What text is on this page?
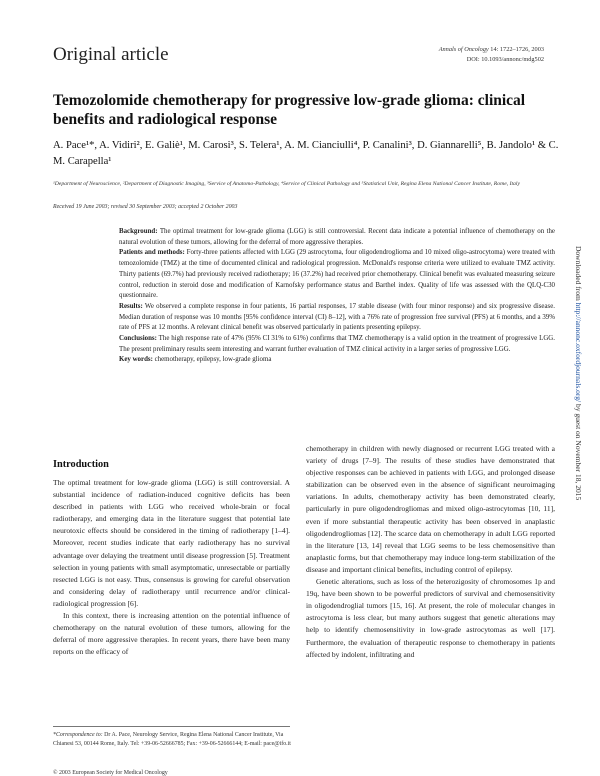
Original article	Annals of Oncology 14: 1722–1726, 2003
DOI: 10.1093/annonc/mdg502
Temozolomide chemotherapy for progressive low-grade glioma: clinical benefits and radiological response
A. Pace¹*, A. Vidiri², E. Galiè¹, M. Carosi³, S. Telera¹, A. M. Cianciulli⁴, P. Canalini³, D. Giannarelli⁵, B. Jandolo¹ & C. M. Carapella¹
¹Department of Neuroscience, ²Department of Diagnostic Imaging, ³Service of Anatomo-Pathology, ⁴Service of Clinical Pathology and ⁵Statistical Unit, Regina Elena National Cancer Institute, Rome, Italy
Received 19 June 2003; revised 30 September 2003; accepted 2 October 2003

Background: The optimal treatment for low-grade glioma (LGG) is still controversial. Recent data indicate a potential influence of chemotherapy on the natural evolution of these tumors, allowing for the deferral of more aggressive therapies.

Patients and methods: Forty-three patients affected with LGG (29 astrocytoma, four oligodendroglioma and 10 mixed oligo-astrocytoma) were treated with temozolomide (TMZ) at the time of documented clinical and radiological progression. McDonald's response criteria were utilized to evaluate TMZ activity. Thirty patients (69.7%) had previously received radiotherapy; 16 (37.2%) had received prior chemotherapy. Clinical benefit was evaluated measuring seizure control, reduction in steroid dose and modification of Karnofsky performance status and Barthel index. Quality of life was assessed with the QLQ-C30 questionnaire.

Results: We observed a complete response in four patients, 16 partial responses, 17 stable disease (with four minor response) and six progressive disease. Median duration of response was 10 months [95% confidence interval (CI) 8–12], with a 76% rate of progression free survival (PFS) at 6 months, and a 39% rate of PFS at 12 months. A relevant clinical benefit was observed particularly in patients presenting epilepsy.

Conclusions: The high response rate of 47% (95% CI 31% to 61%) confirms that TMZ chemotherapy is a valid option in the treatment of progressive LGG. The present preliminary results seem interesting and warrant further evaluation of TMZ clinical activity in a larger series of progressive LGG.

Key words: chemotherapy, epilepsy, low-grade glioma

Introduction

The optimal treatment for low-grade glioma (LGG) is still controversial. A substantial incidence of radiation-induced cognitive deficits has been described in patients with LGG who received whole-brain or focal radiotherapy, and emerging data in the literature suggest that potential late neurotoxic effects should be considered in the timing of radiotherapy [1–4]. Moreover, recent studies indicate that early radiotherapy has no survival advantage over delaying the treatment until disease progression [5]. Treatment selection in young patients with small asymptomatic, unresectable or partially resected LGG is not easy. Thus, consensus is growing for careful observation and considering delay of radiotherapy until recurrence and/or clinical-radiological progression [6].

In this context, there is increasing attention on the potential influence of chemotherapy on the natural evolution of these tumors, allowing for the deferral of more aggressive therapies. In recent years, there have been many reports on the efficacy of

chemotherapy in children with newly diagnosed or recurrent LGG treated with a variety of drugs [7–9]. The results of these studies have demonstrated that objective responses can be achieved in patients with LGG, and prolonged disease stabilization can be observed even in the absence of significant neuroimaging variations. In adults, chemotherapy activity has been demonstrated clearly, particularly in pure oligodendrogliomas and mixed oligo-astrocytomas [10, 11], even if more substantial therapeutic activity has been observed in anaplastic oligodendrogliomas [12]. The scarce data on chemotherapy in adult LGG reported in the literature [13, 14] reveal that LGG seems to be less chemosensitive than anaplastic forms, but that chemotherapy may induce long-term stabilization of the disease and important clinical benefits, including control of epilepsy.

Genetic alterations, such as loss of the heterozigosity of chromosomes 1p and 19q, have been shown to be powerful predictors of survival and chemosensitivity in oligodendroglial tumors [15, 16]. At present, the role of molecular changes in astrocytoma is less clear, but many authors suggest that genetic alterations may help to identify chemosensitivity in low-grade astrocytomas as well [17]. Furthermore, the evaluation of therapeutic response to chemotherapy in patients affected by indolent, infiltrating and

*Correspondence to: Dr A. Pace, Neurology Service, Regina Elena National Cancer Institute, Via Chianesi 53, 00144 Rome, Italy. Tel: +39-06-52666785; Fax: +39-06-52666144; E-mail: pace@ifo.it
© 2003 European Society for Medical Oncology
Downloaded from http://annonc.oxfordjournals.org/ by guest on November 18, 2015
